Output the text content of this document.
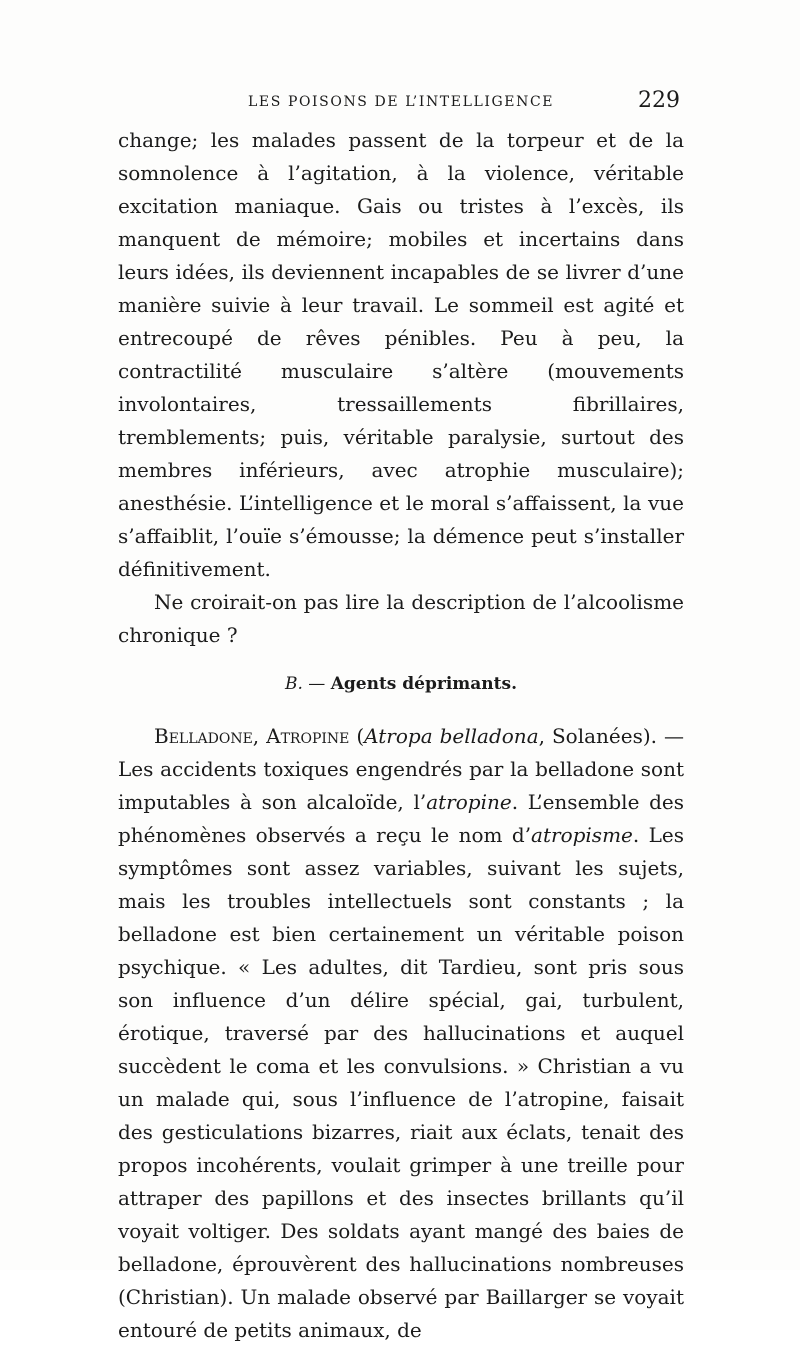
LES POISONS DE L’INTELLIGENCE	229

change; les malades passent de la torpeur et de la somnolence à l’agitation, à la violence, véritable excitation maniaque. Gais ou tristes à l’excès, ils manquent de mémoire; mobiles et incertains dans leurs idées, ils deviennent incapables de se livrer d’une manière suivie à leur travail. Le sommeil est agité et entrecoupé de rêves pénibles. Peu à peu, la contractilité musculaire s’altère (mouvements involontaires, tressaillements fibrillaires, tremblements; puis, véritable paralysie, surtout des membres inférieurs, avec atrophie musculaire); anesthésie. L’intelligence et le moral s’affaissent, la vue s’affaiblit, l’ouïe s’émousse; la démence peut s’installer définitivement.

Ne croirait-on pas lire la description de l’alcoolisme chronique ?

B. — Agents déprimants.

Belladone, Atropine (Atropa belladona, Solanées). — Les accidents toxiques engendrés par la belladone sont imputables à son alcaloïde, l’atropine. L’ensemble des phénomènes observés a reçu le nom d’atropisme. Les symptômes sont assez variables, suivant les sujets, mais les troubles intellectuels sont constants ; la belladone est bien certainement un véritable poison psychique. « Les adultes, dit Tardieu, sont pris sous son influence d’un délire spécial, gai, turbulent, érotique, traversé par des hallucinations et auquel succèdent le coma et les convulsions. » Christian a vu un malade qui, sous l’influence de l’atropine, faisait des gesticulations bizarres, riait aux éclats, tenait des propos incohérents, voulait grimper à une treille pour attraper des papillons et des insectes brillants qu’il voyait voltiger. Des soldats ayant mangé des baies de belladone, éprouvèrent des hallucinations nombreuses (Christian). Un malade observé par Baillarger se voyait entouré de petits animaux, de
